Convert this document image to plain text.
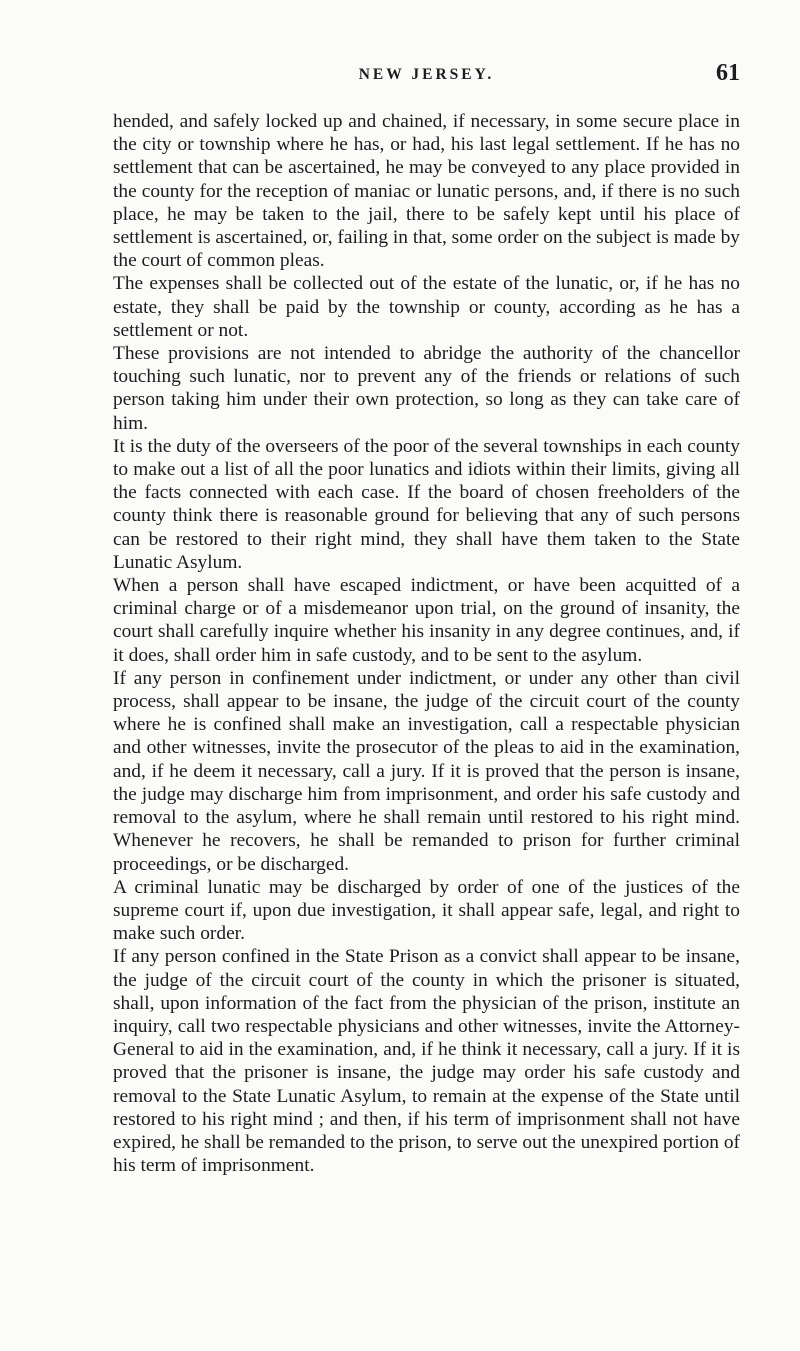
NEW JERSEY.	61

hended, and safely locked up and chained, if necessary, in some secure place in the city or township where he has, or had, his last legal settlement. If he has no settlement that can be ascertained, he may be conveyed to any place provided in the county for the reception of maniac or lunatic persons, and, if there is no such place, he may be taken to the jail, there to be safely kept until his place of settlement is ascertained, or, failing in that, some order on the subject is made by the court of common pleas.

The expenses shall be collected out of the estate of the lunatic, or, if he has no estate, they shall be paid by the township or county, according as he has a settlement or not.

These provisions are not intended to abridge the authority of the chancellor touching such lunatic, nor to prevent any of the friends or relations of such person taking him under their own protection, so long as they can take care of him.

It is the duty of the overseers of the poor of the several townships in each county to make out a list of all the poor lunatics and idiots within their limits, giving all the facts connected with each case. If the board of chosen freeholders of the county think there is reasonable ground for believing that any of such persons can be restored to their right mind, they shall have them taken to the State Lunatic Asylum.

When a person shall have escaped indictment, or have been acquitted of a criminal charge or of a misdemeanor upon trial, on the ground of insanity, the court shall carefully inquire whether his insanity in any degree continues, and, if it does, shall order him in safe custody, and to be sent to the asylum.

If any person in confinement under indictment, or under any other than civil process, shall appear to be insane, the judge of the circuit court of the county where he is confined shall make an investigation, call a respectable physician and other witnesses, invite the prosecutor of the pleas to aid in the examination, and, if he deem it necessary, call a jury. If it is proved that the person is insane, the judge may discharge him from imprisonment, and order his safe custody and removal to the asylum, where he shall remain until restored to his right mind. Whenever he recovers, he shall be remanded to prison for further criminal proceedings, or be discharged.

A criminal lunatic may be discharged by order of one of the justices of the supreme court if, upon due investigation, it shall appear safe, legal, and right to make such order.

If any person confined in the State Prison as a convict shall appear to be insane, the judge of the circuit court of the county in which the prisoner is situated, shall, upon information of the fact from the physician of the prison, institute an inquiry, call two respectable physicians and other witnesses, invite the Attorney-General to aid in the examination, and, if he think it necessary, call a jury. If it is proved that the prisoner is insane, the judge may order his safe custody and removal to the State Lunatic Asylum, to remain at the expense of the State until restored to his right mind ; and then, if his term of imprisonment shall not have expired, he shall be remanded to the prison, to serve out the unexpired portion of his term of imprisonment.
